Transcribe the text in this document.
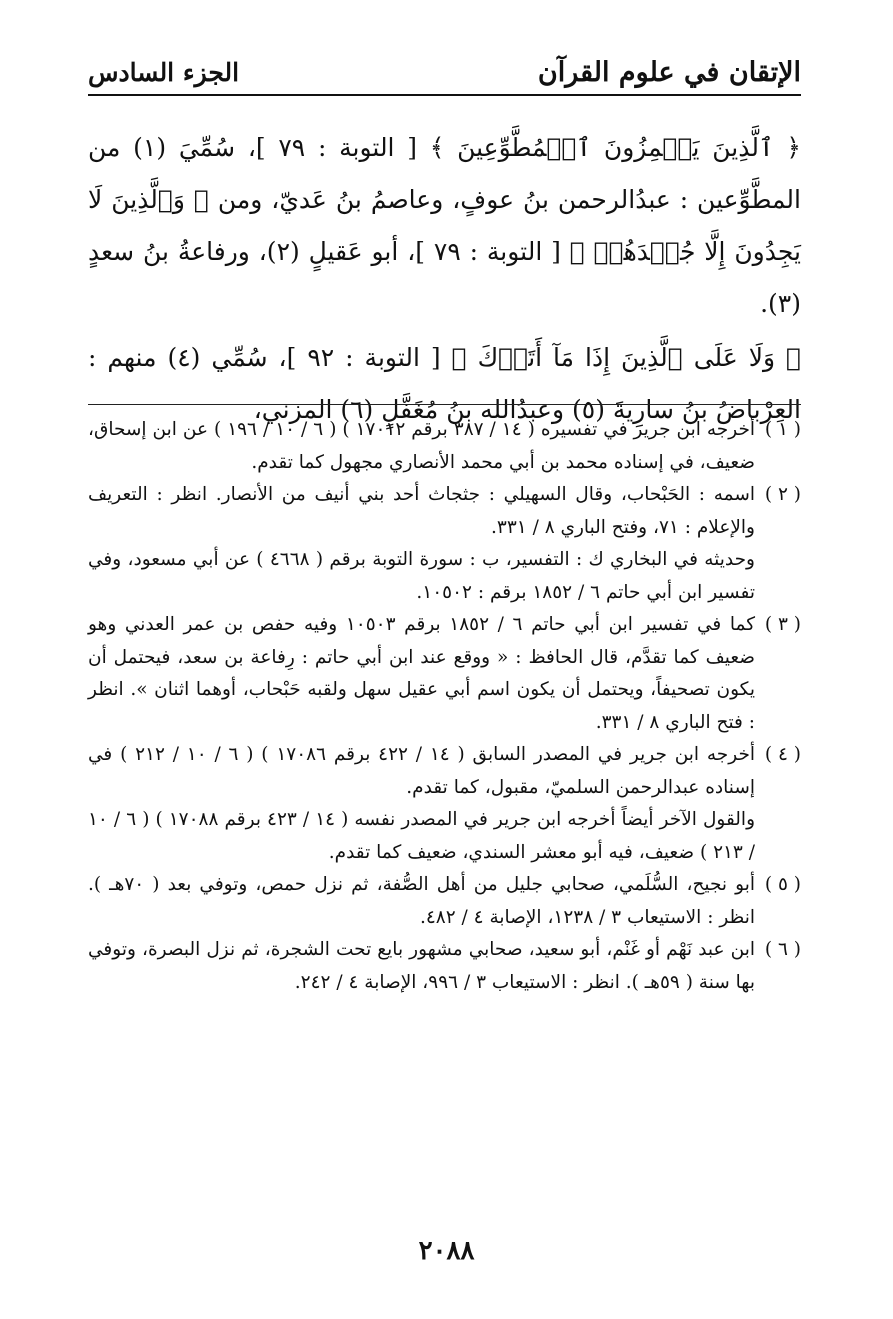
الإتقان في علوم القرآن
الجزء السادس

﴿ ٱلَّذِينَ يَلۡمِزُونَ ٱلۡمُطَّوِّعِينَ ﴾ [ التوبة : ٧٩ ]، سُمِّيَ (١) من المطَّوِّعين : عبدُالرحمن بنُ عوفٍ، وعاصمُ بنُ عَديّ، ومن ﴿ وَٱلَّذِينَ لَا يَجِدُونَ إِلَّا جُهۡدَهُمۡ ﴾ [ التوبة : ٧٩ ]، أبو عَقيلٍ (٢)، ورفاعةُ بنُ سعدٍ (٣).

﴿ وَلَا عَلَى ٱلَّذِينَ إِذَا مَآ أَتَوۡكَ ﴾ [ التوبة : ٩٢ ]، سُمِّي (٤) منهم : العِرْباضُ بنُ سارِيةَ (٥) وعبدُالله بنُ مُغَفَّلٍ (٦) المزني،

( ١ )أخرجه ابن جرير في تفسيره ( ١٤ / ٣٨٧ برقم ١٧٠١٢ ) ( ٦ / ١٠ / ١٩٦ ) عن ابن إسحاق، ضعيف، في إسناده محمد بن أبي محمد الأنصاري مجهول كما تقدم.

( ٢ )اسمه : الحَبْحاب، وقال السهيلي : جثجاث أحد بني أنيف من الأنصار. انظر : التعريف والإعلام : ٧١، وفتح الباري ٨ / ٣٣١.

وحديثه في البخاري ك : التفسير، ب : سورة التوبة برقم ( ٤٦٦٨ ) عن أبي مسعود، وفي تفسير ابن أبي حاتم ٦ / ١٨٥٢ برقم : ١٠٥٠٢.

( ٣ )كما في تفسير ابن أبي حاتم ٦ / ١٨٥٢ برقم ١٠٥٠٣ وفيه حفص بن عمر العدني وهو ضعيف كما تقدَّم، قال الحافظ : « ووقع عند ابن أبي حاتم : رِفاعة بن سعد، فيحتمل أن يكون تصحيفاً، ويحتمل أن يكون اسم أبي عقيل سهل ولقبه حَبْحاب، أوهما اثنان ». انظر : فتح الباري ٨ / ٣٣١.

( ٤ )أخرجه ابن جرير في المصدر السابق ( ١٤ / ٤٢٢ برقم ١٧٠٨٦ ) ( ٦ / ١٠ / ٢١٢ ) في إسناده عبدالرحمن السلميّ، مقبول، كما تقدم.

والقول الآخر أيضاً أخرجه ابن جرير في المصدر نفسه ( ١٤ / ٤٢٣ برقم ١٧٠٨٨ ) ( ٦ / ١٠ / ٢١٣ ) ضعيف، فيه أبو معشر السندي، ضعيف كما تقدم.

( ٥ )أبو نجيح، السُّلَمي، صحابي جليل من أهل الصُّفة، ثم نزل حمص، وتوفي بعد ( ٧٠هـ ). انظر : الاستيعاب ٣ / ١٢٣٨، الإصابة ٤ / ٤٨٢.

( ٦ )ابن عبد نَهْم أو غَنْم، أبو سعيد، صحابي مشهور بايع تحت الشجرة، ثم نزل البصرة، وتوفي بها سنة ( ٥٩هـ ). انظر : الاستيعاب ٣ / ٩٩٦، الإصابة ٤ / ٢٤٢.

٢٠٨٨
